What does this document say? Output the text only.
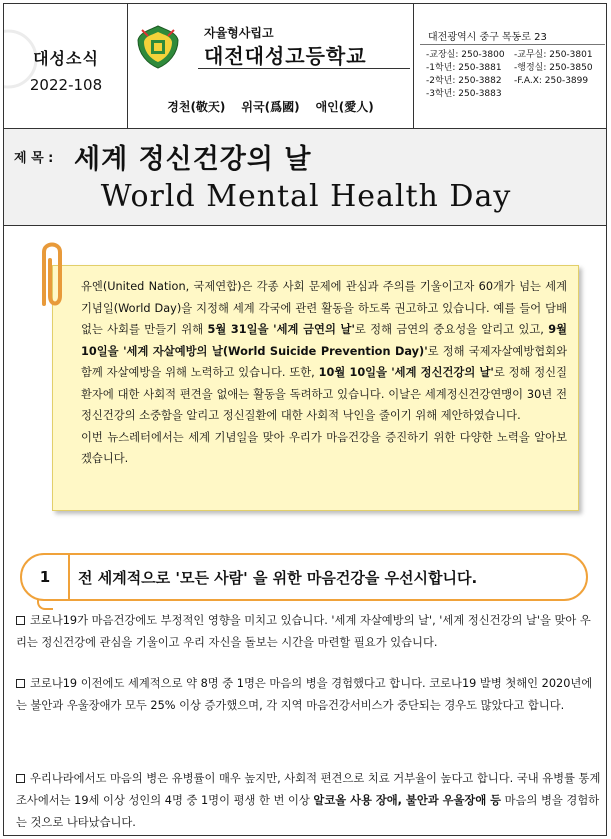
대성소식
2022-108
자율형사립고
대전대성고등학교
경천(敬天) 위국(爲國) 애인(愛人)
대전광역시 중구 목동로 23
-교장실: 250-3800 -교무실: 250-3801
-1학년: 250-3881 -행정실: 250-3850
-2학년: 250-3882 -F.A.X: 250-3899
-3학년: 250-3883
제 목 : 세계 정신건강의 날
World Mental Health Day

유엔(United Nation, 국제연합)은 각종 사회 문제에 관심과 주의를 기울이고자 60개가 넘는 세계 기념일(World Day)을 지정해 세계 각국에 관련 활동을 하도록 권고하고 있습니다. 예를 들어 담배 없는 사회를 만들기 위해 5월 31일을 '세계 금연의 날'로 정해 금연의 중요성을 알리고 있고, 9월 10일을 '세계 자살예방의 날(World Suicide Prevention Day)'로 정해 국제자살예방협회와 함께 자살예방을 위해 노력하고 있습니다. 또한, 10월 10일을 '세계 정신건강의 날'로 정해 정신질환자에 대한 사회적 편견을 없애는 활동을 독려하고 있습니다. 이날은 세계정신건강연맹이 30년 전 정신건강의 소중함을 알리고 정신질환에 대한 사회적 낙인을 줄이기 위해 제안하였습니다.
이번 뉴스레터에서는 세계 기념일을 맞아 우리가 마음건강을 증진하기 위한 다양한 노력을 알아보겠습니다.

1	전 세계적으로 '모든 사람' 을 위한 마음건강을 우선시합니다.
코로나19가 마음건강에도 부정적인 영향을 미치고 있습니다. '세계 자살예방의 날', '세계 정신건강의 날'을 맞아 우리는 정신건강에 관심을 기울이고 우리 자신을 돌보는 시간을 마련할 필요가 있습니다.
코로나19 이전에도 세계적으로 약 8명 중 1명은 마음의 병을 경험했다고 합니다. 코로나19 발병 첫해인 2020년에는 불안과 우울장애가 모두 25% 이상 증가했으며, 각 지역 마음건강서비스가 중단되는 경우도 많았다고 합니다.
우리나라에서도 마음의 병은 유병률이 매우 높지만, 사회적 편견으로 치료 거부율이 높다고 합니다. 국내 유병률 통계 조사에서는 19세 이상 성인의 4명 중 1명이 평생 한 번 이상 알코올 사용 장애, 불안과 우울장애 등 마음의 병을 경험하는 것으로 나타났습니다.
